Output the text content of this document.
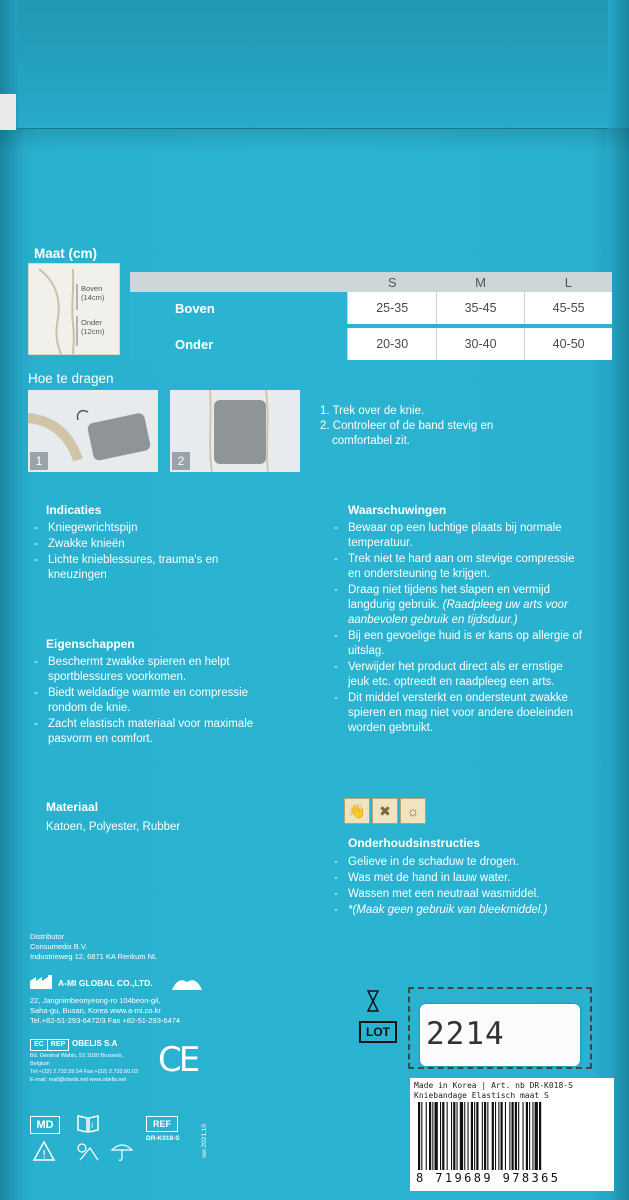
Maat (cm)
Boven
(14cm)
Onder
(12cm)
	S	M	L
Boven	25-35	35-45	45-55

Onder	20-30	30-40	40-50
Hoe te dragen
1	2
1. Trek over de knie.
2. Controleer of de band stevig en
comfortabel zit.
Indicaties
- Kniegewrichtspijn
- Zwakke knieën
- Lichte knieblessures, trauma's en kneuzingen
Eigenschappen
- Beschermt zwakke spieren en helpt sportblessures voorkomen.
- Biedt weldadige warmte en compressie rondom de knie.
- Zacht elastisch materiaal voor maximale pasvorm en comfort.
Materiaal
Katoen, Polyester, Rubber
Waarschuwingen
- Bewaar op een luchtige plaats bij normale temperatuur.
- Trek niet te hard aan om stevige compressie en ondersteuning te krijgen.
- Draag niet tijdens het slapen en vermijd langdurig gebruik. (Raadpleeg uw arts voor aanbevolen gebruik en tijdsduur.)
- Bij een gevoelige huid is er kans op allergie of uitslag.
- Verwijder het product direct als er ernstige jeuk etc. optreedt en raadpleeg een arts.
- Dit middel versterkt en ondersteunt zwakke spieren en mag niet voor andere doeleinden worden gebruikt.
👋 ✖	☼
Onderhoudsinstructies
- Gelieve in de schaduw te drogen.
- Was met de hand in lauw water.
- Wassen met een neutraal wasmiddel.
- *(Maak geen gebruik van bleekmiddel.)
Distributor
Consumedix B.V.
Industrieweg 12, 6871 KA Renkum NL
A-MI GLOBAL CO.,LTD.
22, Jangnimbeonyeong-ro 104beon-gil,
Saha-gu, Busan, Korea www.a-mi.co.kr
Tel.+82-51-293-6472/3 Fax +82-51-293-6474
EC REP OBELIS S.A
Bd. Général Wahis, 53 1030 Brussels,
Belgium
Tel:+(32) 2.732.59.54 Fax:+(32) 2.732.60.03
E-mail: mail@obelis.net www.obelis.net CE
MD	i	REF
DR-K018-S	ver.2021.10
!
LOT 2214
Made in Korea | Art. nb DR-K018-S
Kniebandage Elastisch maat S
8 719689 978365
